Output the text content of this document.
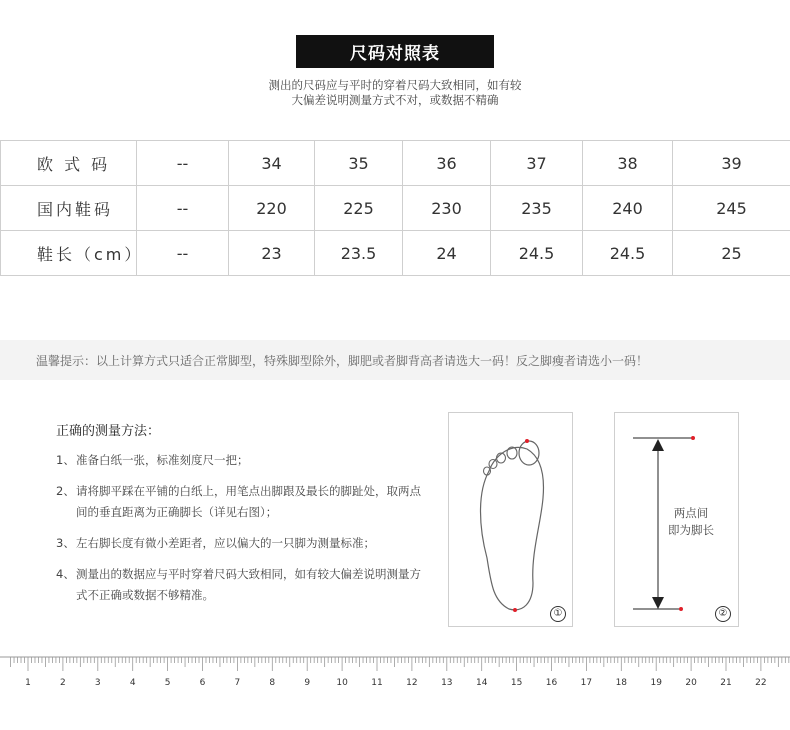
尺码对照表
测出的尺码应与平时的穿着尺码大致相同，如有较
大偏差说明测量方式不对，或数据不精确
欧 式 码	--	34	35	36	37	38	39
国内鞋码	--	220	225	230	235	240	245
鞋长（cm）	--	23	23.5	24	24.5	24.5	25
温馨提示：以上计算方式只适合正常脚型，特殊脚型除外，脚肥或者脚背高者请选大一码！反之脚瘦者请选小一码！
正确的测量方法：
1、 准备白纸一张，标准刻度尺一把；
2、 请将脚平踩在平铺的白纸上，用笔点出脚跟及最长的脚趾处，取两点间的垂直距离为正确脚长（详见右图）；
3、 左右脚长度有微小差距者，应以偏大的一只脚为测量标准；
4、 测量出的数据应与平时穿着尺码大致相同，如有较大偏差说明测量方式不正确或数据不够精准。
①
两点间
即为脚长
②
1	2	3	4	5	6	7	8	9	10	11	12	13	14	15	16	17	18	19	20	21	22
